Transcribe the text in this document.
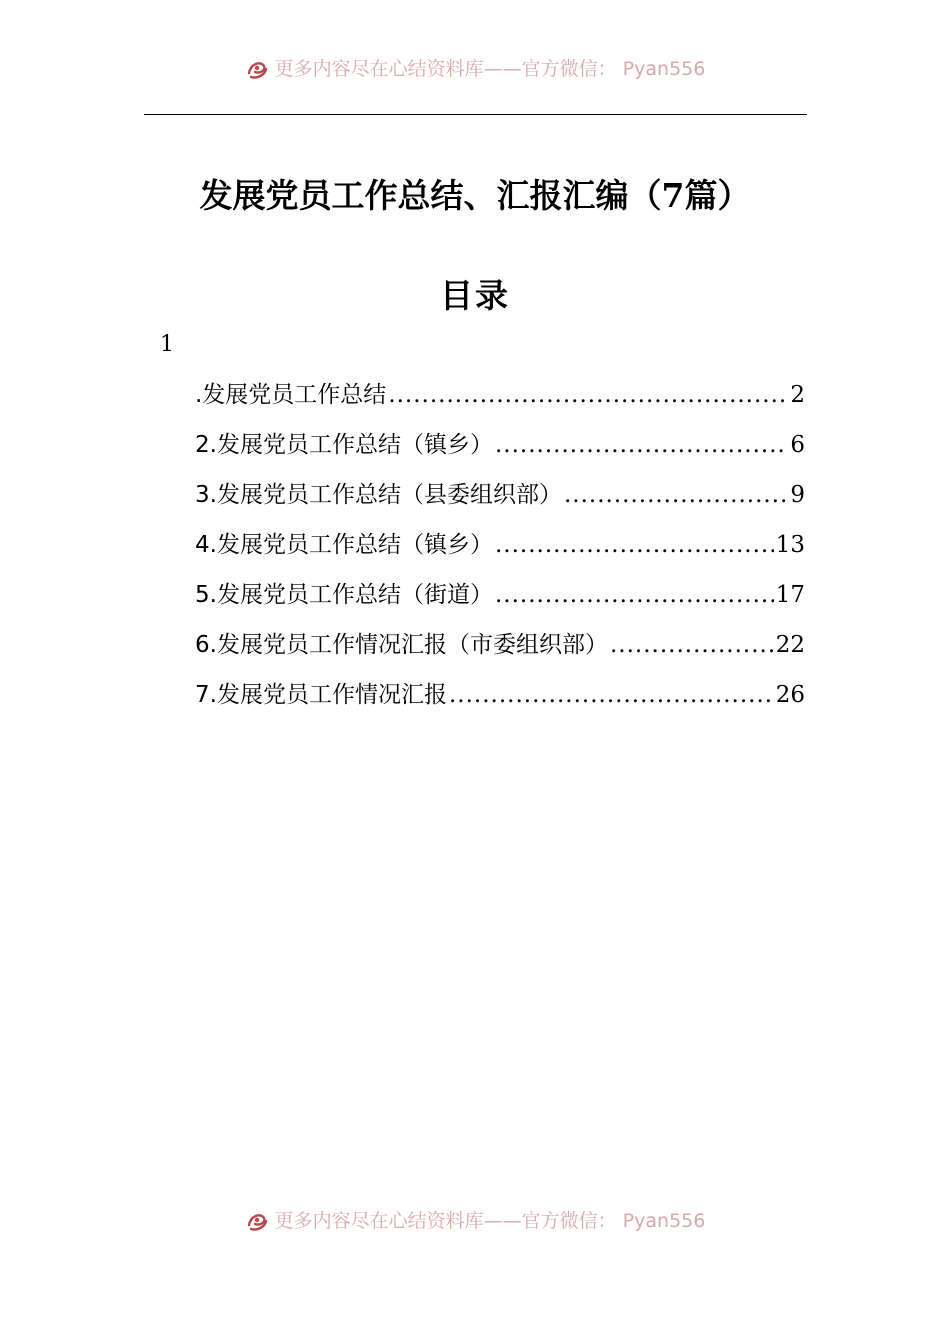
更多内容尽在心结资料库——官方微信： Pyan556
发展党员工作总结、汇报汇编（7篇）
目录
1
.发展党员工作总结 .....	2
2. 发展党员工作总结（镇乡） .....	6
3. 发展党员工作总结（县委组织部） .....	9
4. 发展党员工作总结（镇乡） .....	13
5. 发展党员工作总结（街道） .....	17
6. 发展党员工作情况汇报（市委组织部） .....	22
7. 发展党员工作情况汇报 .....	26
更多内容尽在心结资料库——官方微信： Pyan556
